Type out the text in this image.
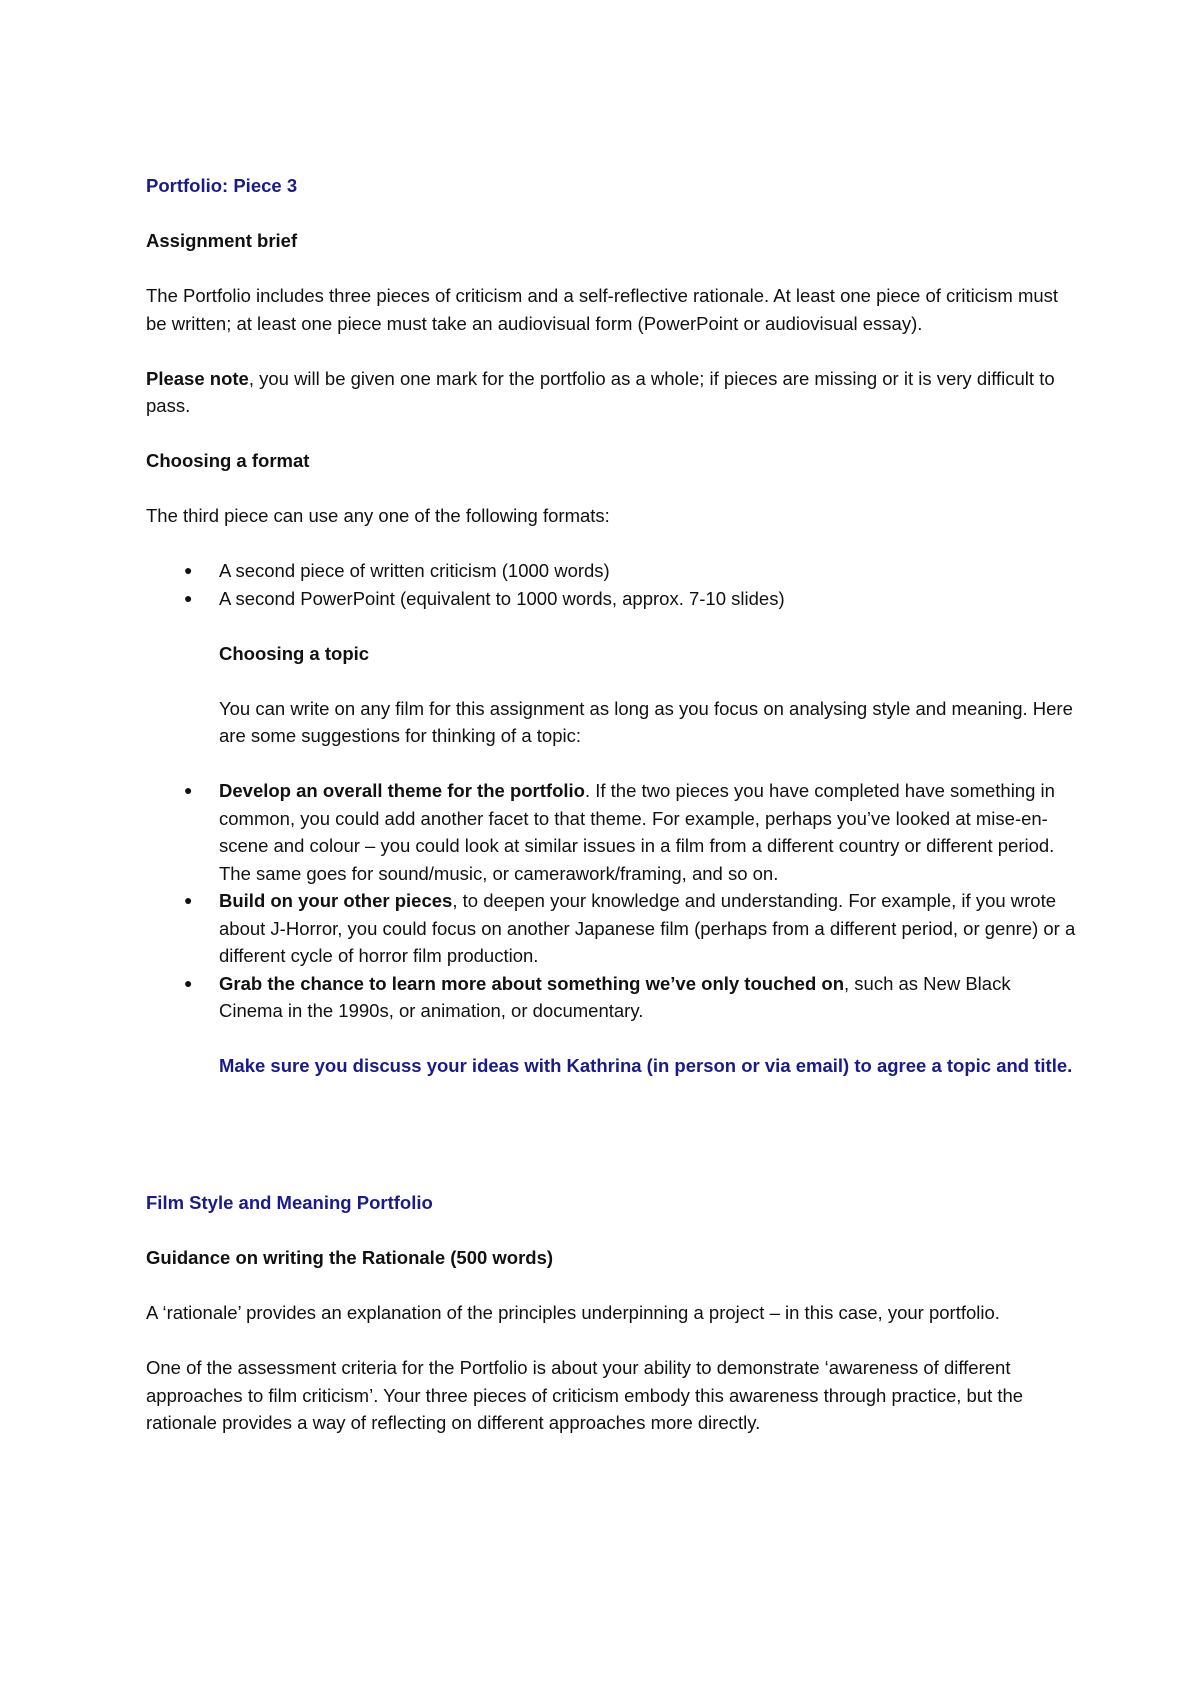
Portfolio: Piece 3

Assignment brief

The Portfolio includes three pieces of criticism and a self-reflective rationale. At least one piece of criticism must be written; at least one piece must take an audiovisual form (PowerPoint or audiovisual essay).

Please note, you will be given one mark for the portfolio as a whole; if pieces are missing or it is very difficult to pass.

Choosing a format

The third piece can use any one of the following formats:

● A second piece of written criticism (1000 words)
● A second PowerPoint (equivalent to 1000 words, approx. 7-10 slides)

Choosing a topic

You can write on any film for this assignment as long as you focus on analysing style and meaning. Here are some suggestions for thinking of a topic:

● Develop an overall theme for the portfolio. If the two pieces you have completed have something in common, you could add another facet to that theme. For example, perhaps you’ve looked at mise-en- scene and colour – you could look at similar issues in a film from a different country or different period. The same goes for sound/music, or camerawork/framing, and so on.
● Build on your other pieces, to deepen your knowledge and understanding. For example, if you wrote about J-Horror, you could focus on another Japanese film (perhaps from a different period, or genre) or a different cycle of horror film production.
● Grab the chance to learn more about something we’ve only touched on, such as New Black Cinema in the 1990s, or animation, or documentary.

Make sure you discuss your ideas with Kathrina (in person or via email) to agree a topic and title.

Film Style and Meaning Portfolio

Guidance on writing the Rationale (500 words)

A ‘rationale’ provides an explanation of the principles underpinning a project – in this case, your portfolio.

One of the assessment criteria for the Portfolio is about your ability to demonstrate ‘awareness of different approaches to film criticism’. Your three pieces of criticism embody this awareness through practice, but the rationale provides a way of reflecting on different approaches more directly.
